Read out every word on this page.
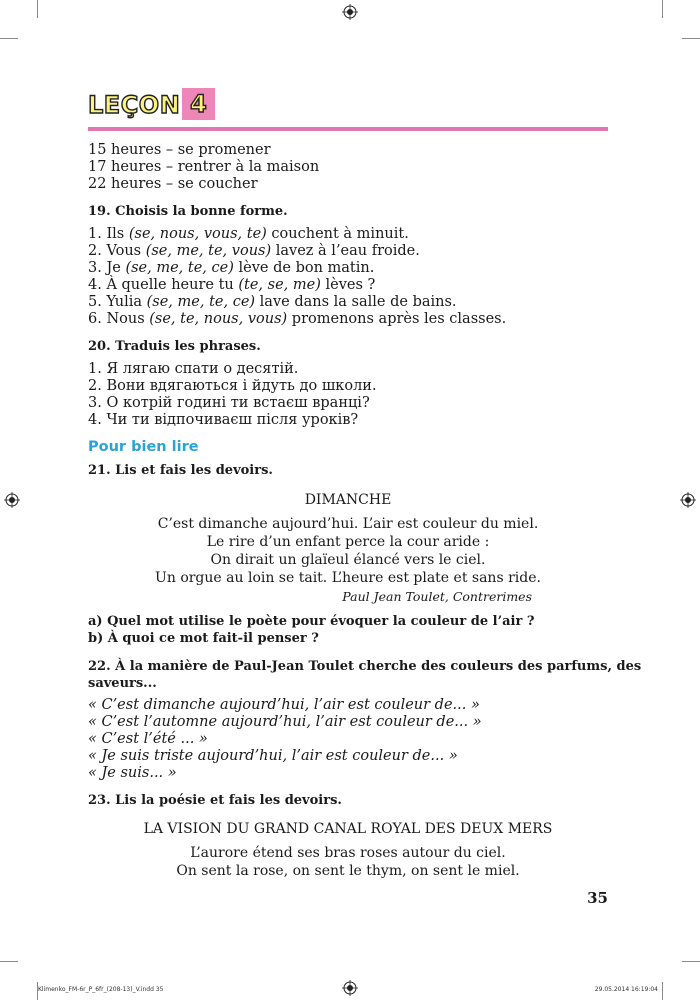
LEÇON 4
15 heures – se promener
17 heures – rentrer à la maison
22 heures – se coucher
19. Choisis la bonne forme.
1. Ils (se, nous, vous, te) couchent à minuit.
2. Vous (se, me, te, vous) lavez à l’eau froide.
3. Je (se, me, te, ce) lève de bon matin.
4. À quelle heure tu (te, se, me) lèves ?
5. Yulia (se, me, te, ce) lave dans la salle de bains.
6. Nous (se, te, nous, vous) promenons après les classes.
20. Traduis les phrases.
1. Я лягаю спати о десятій.
2. Вони вдягаються і йдуть до школи.
3. О котрій годині ти встаєш вранці?
4. Чи ти відпочиваєш після уроків?
Pour bien lire
21. Lis et fais les devoirs.
DIMANCHE
C’est dimanche aujourd’hui. L’air est couleur du miel.
Le rire d’un enfant perce la cour aride :
On dirait un glaïeul élancé vers le ciel.
Un orgue au loin se tait. L’heure est plate et sans ride.
Paul Jean Toulet, Contrerimes
a) Quel mot utilise le poète pour évoquer la couleur de l’air ?
b) À quoi ce mot fait-il penser ?
22. À la manière de Paul-Jean Toulet cherche des couleurs des parfums, des
saveurs...
« C’est dimanche aujourd’hui, l’air est couleur de... »
« C’est l’automne aujourd’hui, l’air est couleur de... »
« C’est l’été ... »
« Je suis triste aujourd’hui, l’air est couleur de... »
« Je suis... »
23. Lis la poésie et fais les devoirs.
LA VISION DU GRAND CANAL ROYAL DES DEUX MERS
L’aurore étend ses bras roses autour du ciel.
On sent la rose, on sent le thym, on sent le miel.
35
Klimenko_FM-6r_P_6fr_(208-13)_V.indd 35	29.05.2014 16:19:04
